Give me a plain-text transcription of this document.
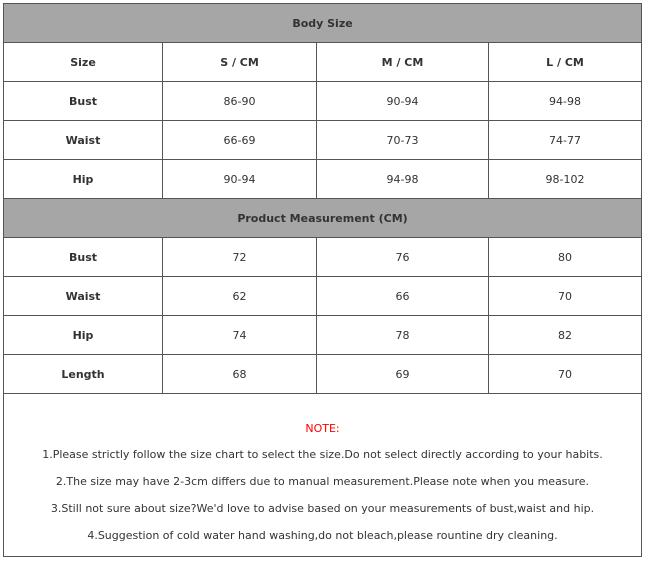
Body Size			
Size	S / CM	M / CM	L / CM
Bust	86-90	90-94	94-98
Waist	66-69	70-73	74-77
Hip	90-94	94-98	98-102
Product Measurement (CM)			
Bust	72	76	80
Waist	62	66	70
Hip	74	78	82
Length	68	69	70

NOTE:
1.Please strictly follow the size chart to select the size.Do not select directly according to your habits.
2.The size may have 2-3cm differs due to manual measurement.Please note when you measure.
3.Still not sure about size?We'd love to advise based on your measurements of bust,waist and hip.
4.Suggestion of cold water hand washing,do not bleach,please rountine dry cleaning.			
